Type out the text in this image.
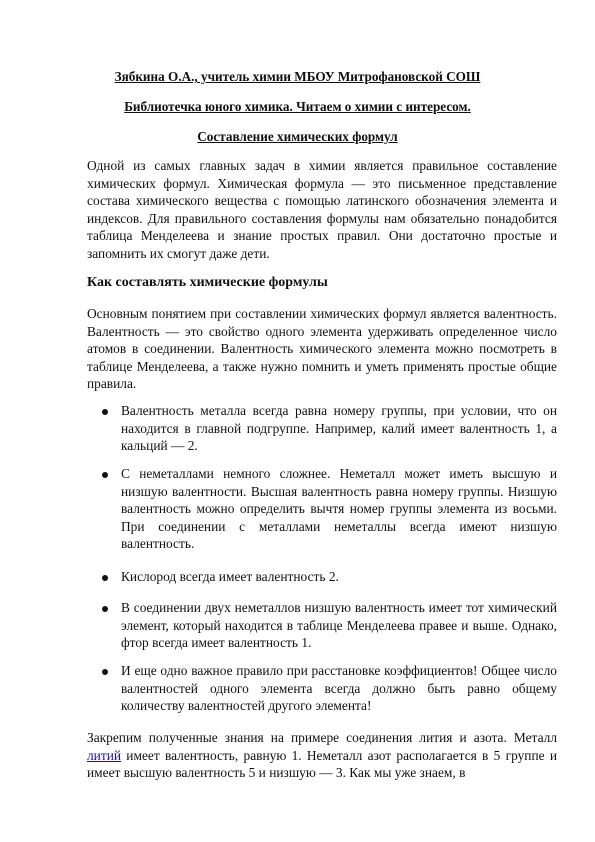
Зябкина О.А., учитель химии МБОУ Митрофановской СОШ
Библиотечка юного химика. Читаем о химии с интересом.
Составление химических формул

Одной из самых главных задач в химии является правильное составление химических формул. Химическая формула — это письменное представление состава химического вещества с помощью латинского обозначения элемента и индексов. Для правильного составления формулы нам обязательно понадобится таблица Менделеева и знание простых правил. Они достаточно простые и запомнить их смогут даже дети.

Как составлять химические формулы

Основным понятием при составлении химических формул является валентность. Валентность — это свойство одного элемента удерживать определенное число атомов в соединении. Валентность химического элемента можно посмотреть в таблице Менделеева, а также нужно помнить и уметь применять простые общие правила.

Валентность металла всегда равна номеру группы, при условии, что он находится в главной подгруппе. Например, калий имеет валентность 1, а кальций — 2.
С неметаллами немного сложнее. Неметалл может иметь высшую и низшую валентности. Высшая валентность равна номеру группы. Низшую валентность можно определить вычтя номер группы элемента из восьми. При соединении с металлами неметаллы всегда имеют низшую валентность.
Кислород всегда имеет валентность 2.
В соединении двух неметаллов низшую валентность имеет тот химический элемент, который находится в таблице Менделеева правее и выше. Однако, фтор всегда имеет валентность 1.
И еще одно важное правило при расстановке коэффициентов! Общее число валентностей одного элемента всегда должно быть равно общему количеству валентностей другого элемента!

Закрепим полученные знания на примере соединения лития и азота. Металл литий имеет валентность, равную 1. Неметалл азот располагается в 5 группе и имеет высшую валентность 5 и низшую — 3. Как мы уже знаем, в
